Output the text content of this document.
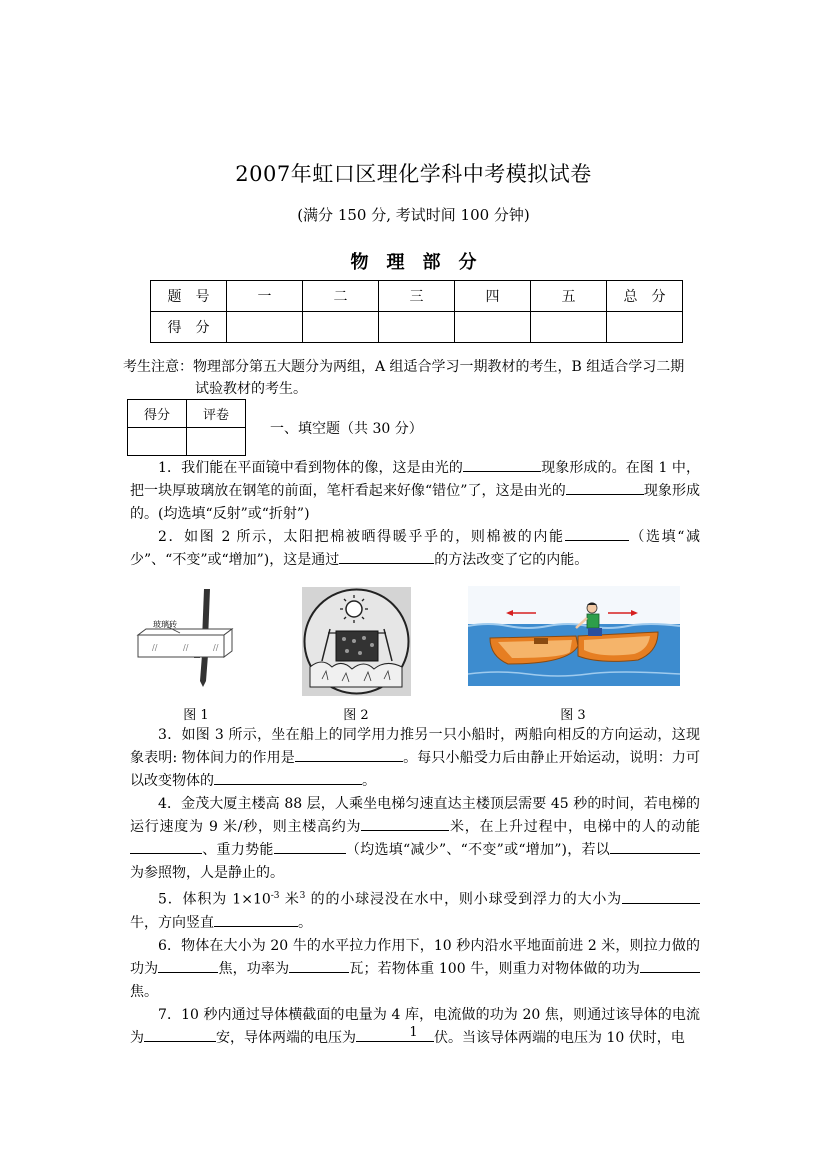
2007年虹口区理化学科中考模拟试卷
(满分 150 分, 考试时间 100 分钟)
物理部分
题　号	一	二	三	四	五	总　分
得　分						
考生注意：物理部分第五大题分为两组，A 组适合学习一期教材的考生，B 组适合学习二期

试验教材的考生。
得分	评卷

一、填空题（共 30 分）

1．我们能在平面镜中看到物体的像，这是由光的	现象形成的。在图 1 中，把一块厚玻璃放在钢笔的前面，笔杆看起来好像“错位”了，这是由光的	现象形成的。(均选填“反射”或“折射”)

2．如图 2 所示，太阳把棉被晒得暖乎乎的，则棉被的内能	（选填“减少”、“不变”或“增加”)，这是通过	的方法改变了它的内能。

玻璃砖
//	//	//
图 1	图 2	图 3

3．如图 3 所示，坐在船上的同学用力推另一只小船时，两船向相反的方向运动，这现象表明: 物体间力的作用是	。每只小船受力后由静止开始运动，说明：力可以改变物体的	。

4．金茂大厦主楼高 88 层，人乘坐电梯匀速直达主楼顶层需要 45 秒的时间，若电梯的运行速度为 9 米/秒，则主楼高约为	米，在上升过程中，电梯中的人的动能、重力势能	（均选填“减少”、“不变”或“增加”)，若以为参照物，人是静止的。

5．体积为 $1\times 10^{-3}$ 米$^3$ 的的小球浸没在水中，则小球受到浮力的大小为牛，方向竖直	。

6．物体在大小为 20 牛的水平拉力作用下，10 秒内沿水平地面前进 2 米，则拉力做的功为	焦，功率为	瓦；若物体重 100 牛，则重力对物体做的功为焦。

7．10 秒内通过导体横截面的电量为 4 库，电流做的功为 20 焦，则通过该导体的电流为	安，导体两端的电压为	伏。当该导体两端的电压为 10 伏时，电

1
